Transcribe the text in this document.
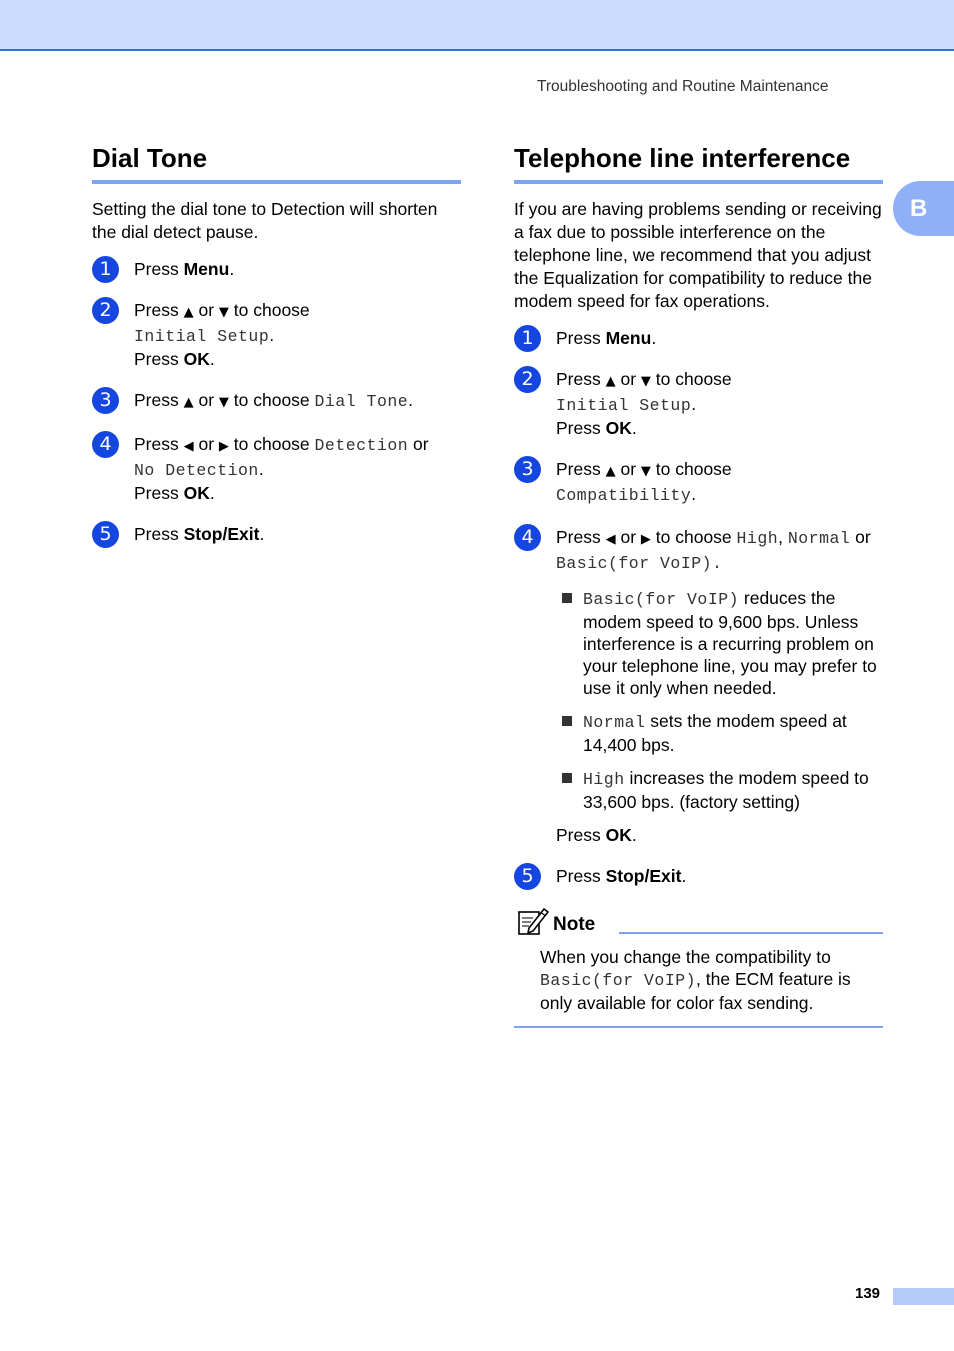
Troubleshooting and Routine Maintenance
B
Dial Tone

Setting the dial tone to Detection will shorten the dial detect pause.

1	Press Menu.
2	Press ▲ or ▼ to choose
Initial Setup.
Press OK.
3	Press ▲ or ▼ to choose Dial Tone.
4	Press ◀ or ▶ to choose Detection or
No Detection.
Press OK.
5	Press Stop/Exit.
Telephone line interference

If you are having problems sending or receiving a fax due to possible interference on the telephone line, we recommend that you adjust the Equalization for compatibility to reduce the modem speed for fax operations.

1	Press Menu.
2	Press ▲ or ▼ to choose
Initial Setup.
Press OK.
3	Press ▲ or ▼ to choose
Compatibility.
4	Press ◀ or ▶ to choose High, Normal or
Basic(for VoIP).
Basic(for VoIP) reduces the modem speed to 9,600 bps. Unless interference is a recurring problem on your telephone line, you may prefer to use it only when needed.
Normal sets the modem speed at 14,400 bps.
High increases the modem speed to 33,600 bps. (factory setting)
Press OK.
5	Press Stop/Exit.
Note

When you change the compatibility to Basic(for VoIP), the ECM feature is only available for color fax sending.

139
